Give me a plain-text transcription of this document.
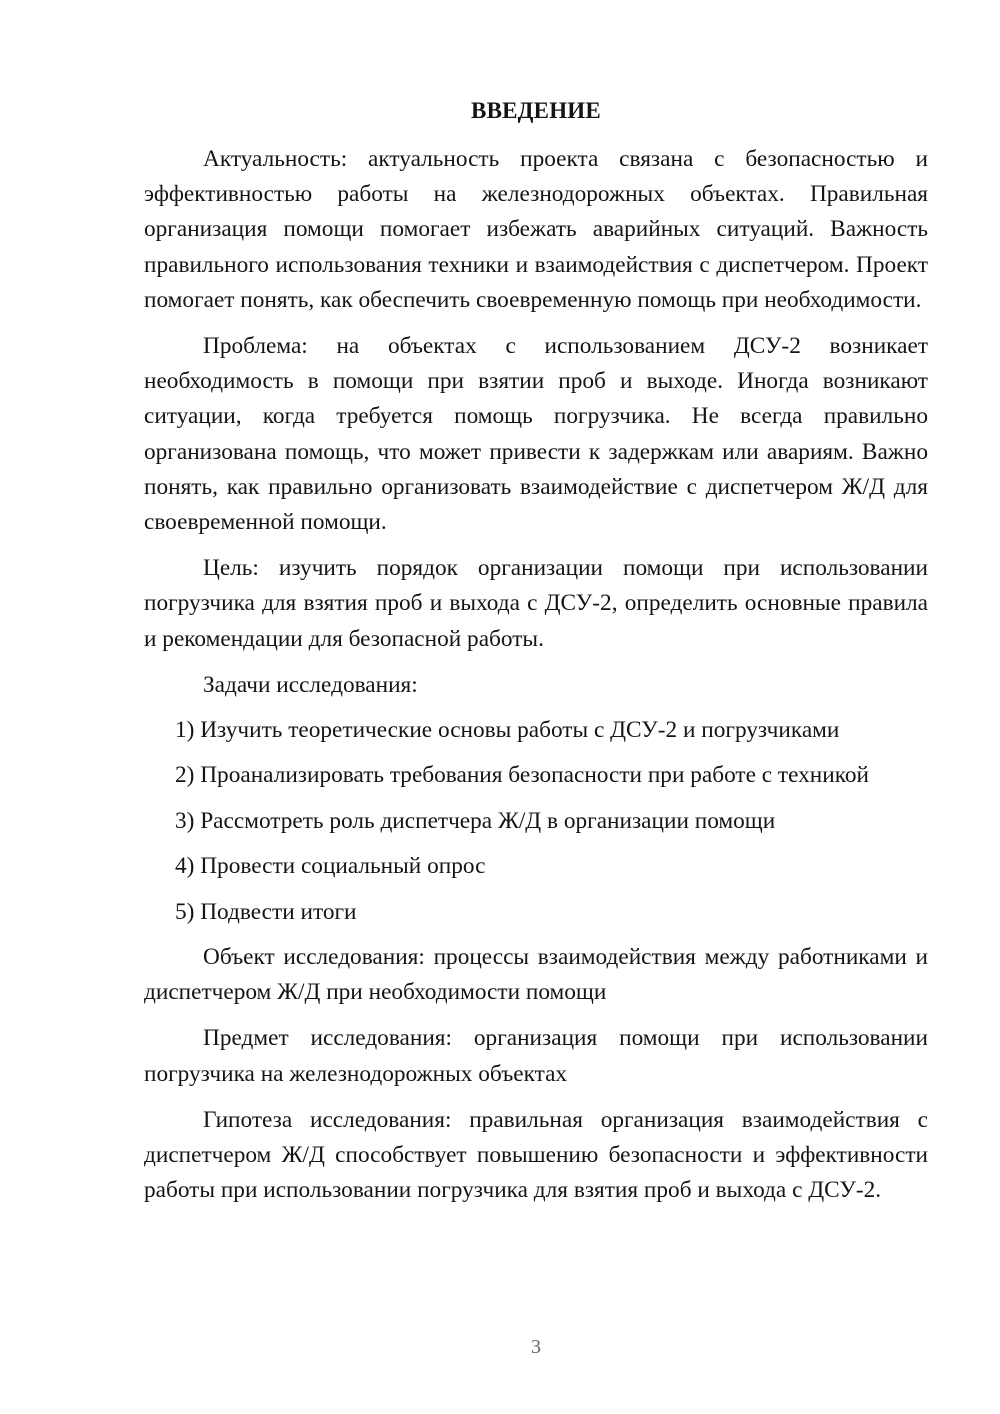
ВВЕДЕНИЕ

Актуальность: актуальность проекта связана с безопасностью и эффективностью работы на железнодорожных объектах. Правильная организация помощи помогает избежать аварийных ситуаций. Важность правильного использования техники и взаимодействия с диспетчером. Проект помогает понять, как обеспечить своевременную помощь при необходимости.

Проблема: на объектах с использованием ДСУ-2 возникает необходимость в помощи при взятии проб и выходе. Иногда возникают ситуации, когда требуется помощь погрузчика. Не всегда правильно организована помощь, что может привести к задержкам или авариям. Важно понять, как правильно организовать взаимодействие с диспетчером Ж/Д для своевременной помощи.

Цель: изучить порядок организации помощи при использовании погрузчика для взятия проб и выхода с ДСУ-2, определить основные правила и рекомендации для безопасной работы.

Задачи исследования:

1) Изучить теоретические основы работы с ДСУ-2 и погрузчиками
2) Проанализировать требования безопасности при работе с техникой
3) Рассмотреть роль диспетчера Ж/Д в организации помощи
4) Провести социальный опрос
5) Подвести итоги

Объект исследования: процессы взаимодействия между работниками и диспетчером Ж/Д при необходимости помощи

Предмет исследования: организация помощи при использовании погрузчика на железнодорожных объектах

Гипотеза исследования: правильная организация взаимодействия с диспетчером Ж/Д способствует повышению безопасности и эффективности работы при использовании погрузчика для взятия проб и выхода с ДСУ-2.

3
